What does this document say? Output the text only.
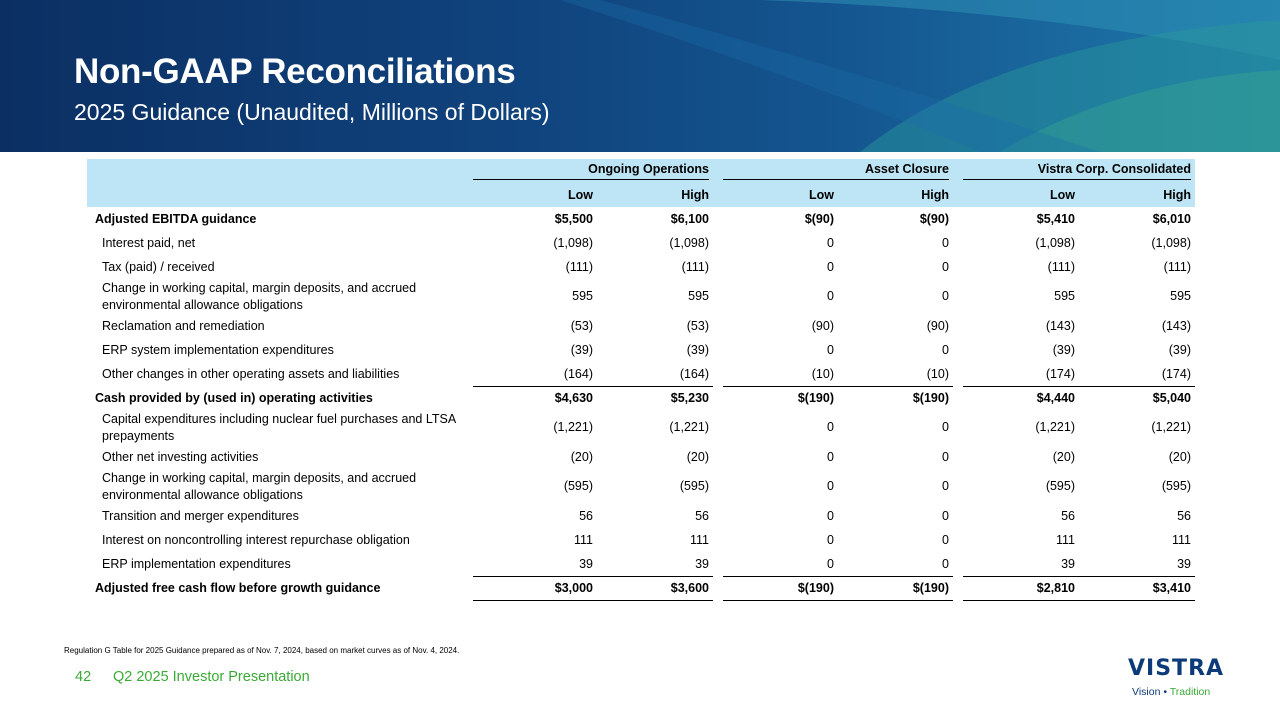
Non-GAAP Reconciliations
2025 Guidance (Unaudited, Millions of Dollars)

	Ongoing Operations			Asset Closure			Vistra Corp. Consolidated	

	Low	High		Low	High		Low	High
Adjusted EBITDA guidance	$5,500	$6,100		$(90)	$(90)		$5,410	$6,010
Interest paid, net	(1,098)	(1,098)		0	0		(1,098)	(1,098)
Tax (paid) / received	(111)	(111)		0	0		(111)	(111)
Change in working capital, margin deposits, and accrued
environmental allowance obligations	595	595		0	0		595	595
Reclamation and remediation	(53)	(53)		(90)	(90)		(143)	(143)
ERP system implementation expenditures	(39)	(39)		0	0		(39)	(39)
Other changes in other operating assets and liabilities	(164)	(164)		(10)	(10)		(174)	(174)
Cash provided by (used in) operating activities	$4,630	$5,230		$(190)	$(190)		$4,440	$5,040
Capital expenditures including nuclear fuel purchases and LTSA
prepayments	(1,221)	(1,221)		0	0		(1,221)	(1,221)
Other net investing activities	(20)	(20)		0	0		(20)	(20)
Change in working capital, margin deposits, and accrued
environmental allowance obligations	(595)	(595)		0	0		(595)	(595)
Transition and merger expenditures	56	56		0	0		56	56
Interest on noncontrolling interest repurchase obligation	111	111		0	0		111	111
ERP implementation expenditures	39	39		0	0		39	39
Adjusted free cash flow before growth guidance	$3,000	$3,600		$(190)	$(190)		$2,810	$3,410
Regulation G Table for 2025 Guidance prepared as of Nov. 7, 2024, based on market curves as of Nov. 4, 2024.
42 Q2 2025 Investor Presentation	VISTRA
Vision • Tradition
